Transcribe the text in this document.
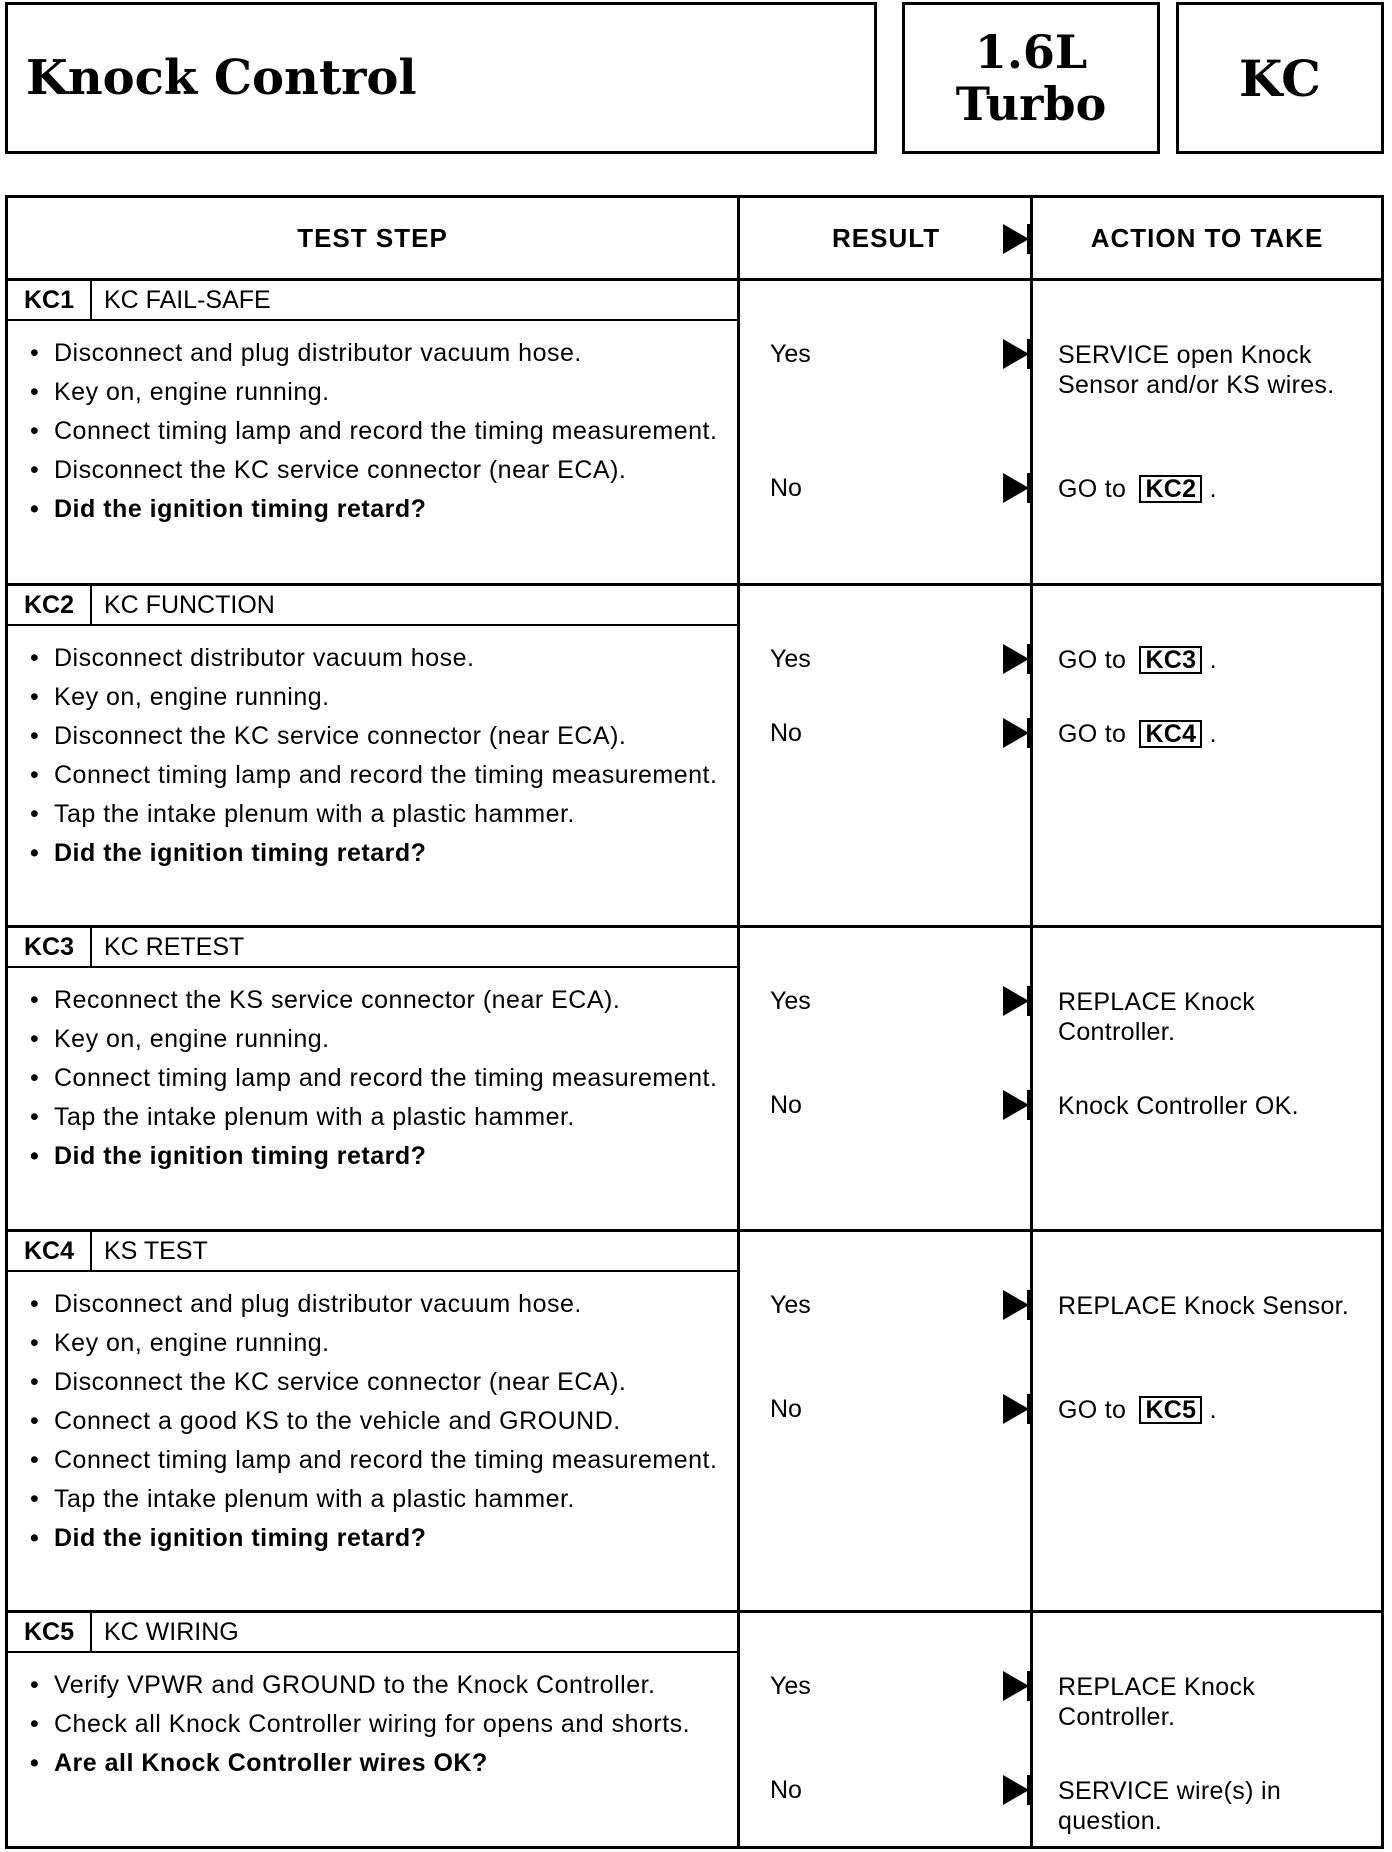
Knock Control	1.6L
Turbo	KC
TEST STEP	RESULT	ACTION TO TAKE
KC1	KC FAIL-SAFE
• Disconnect and plug distributor vacuum hose.
• Key on, engine running.
• Connect timing lamp and record the timing measurement.
• Disconnect the KC service connector (near ECA).
• Did the ignition timing retard?
Yes	SERVICE open Knock Sensor and/or KS wires.
No	GO to KC2 .
KC2	KC FUNCTION
• Disconnect distributor vacuum hose.
• Key on, engine running.
• Disconnect the KC service connector (near ECA).
• Connect timing lamp and record the timing measurement.
• Tap the intake plenum with a plastic hammer.
• Did the ignition timing retard?
Yes	GO to KC3 .
No	GO to KC4 .
KC3	KC RETEST
• Reconnect the KS service connector (near ECA).
• Key on, engine running.
• Connect timing lamp and record the timing measurement.
• Tap the intake plenum with a plastic hammer.
• Did the ignition timing retard?
Yes	REPLACE Knock Controller.
No	Knock Controller OK.
KC4	KS TEST
• Disconnect and plug distributor vacuum hose.
• Key on, engine running.
• Disconnect the KC service connector (near ECA).
• Connect a good KS to the vehicle and GROUND.
• Connect timing lamp and record the timing measurement.
• Tap the intake plenum with a plastic hammer.
• Did the ignition timing retard?
Yes	REPLACE Knock Sensor.
No	GO to KC5 .
KC5	KC WIRING
• Verify VPWR and GROUND to the Knock Controller.
• Check all Knock Controller wiring for opens and shorts.
• Are all Knock Controller wires OK?
Yes	REPLACE Knock Controller.
No	SERVICE wire(s) in question.
